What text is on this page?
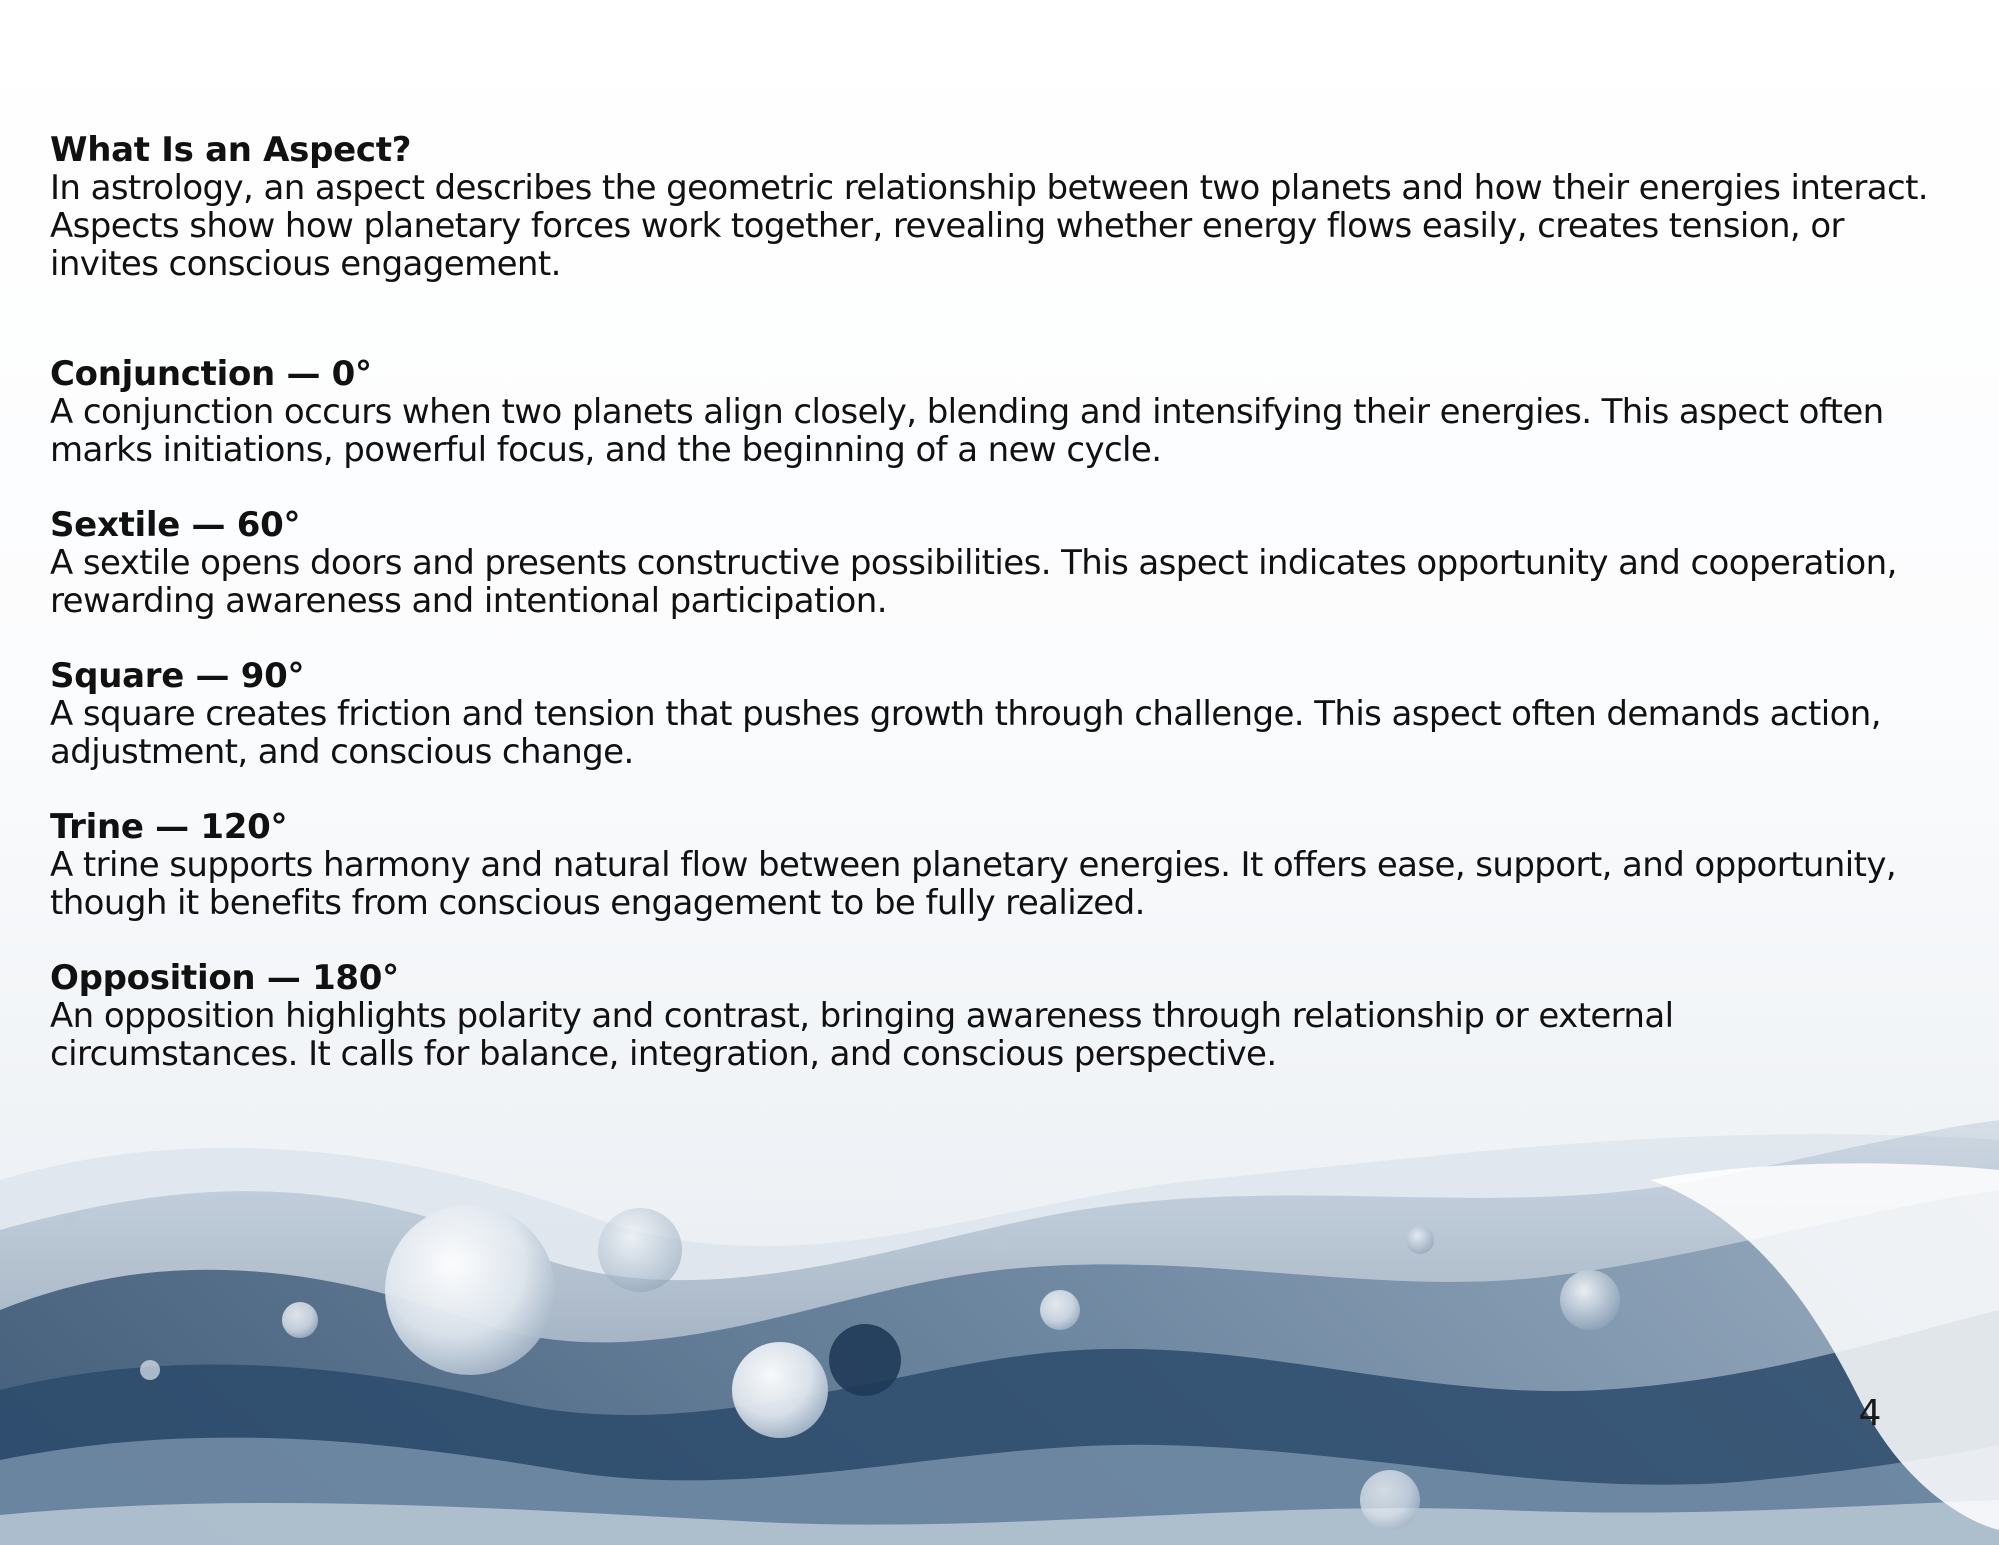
What Is an Aspect?

In astrology, an aspect describes the geometric relationship between two planets and how their energies interact. Aspects show how planetary forces work together, revealing whether energy flows easily, creates tension, or invites conscious engagement.

Conjunction — 0°

A conjunction occurs when two planets align closely, blending and intensifying their energies. This aspect often marks initiations, powerful focus, and the beginning of a new cycle.

Sextile — 60°

A sextile opens doors and presents constructive possibilities. This aspect indicates opportunity and cooperation, rewarding awareness and intentional participation.

Square — 90°

A square creates friction and tension that pushes growth through challenge. This aspect often demands action, adjustment, and conscious change.

Trine — 120°

A trine supports harmony and natural flow between planetary energies. It offers ease, support, and opportunity, though it benefits from conscious engagement to be fully realized.

Opposition — 180°

An opposition highlights polarity and contrast, bringing awareness through relationship or external circumstances. It calls for balance, integration, and conscious perspective.

4
